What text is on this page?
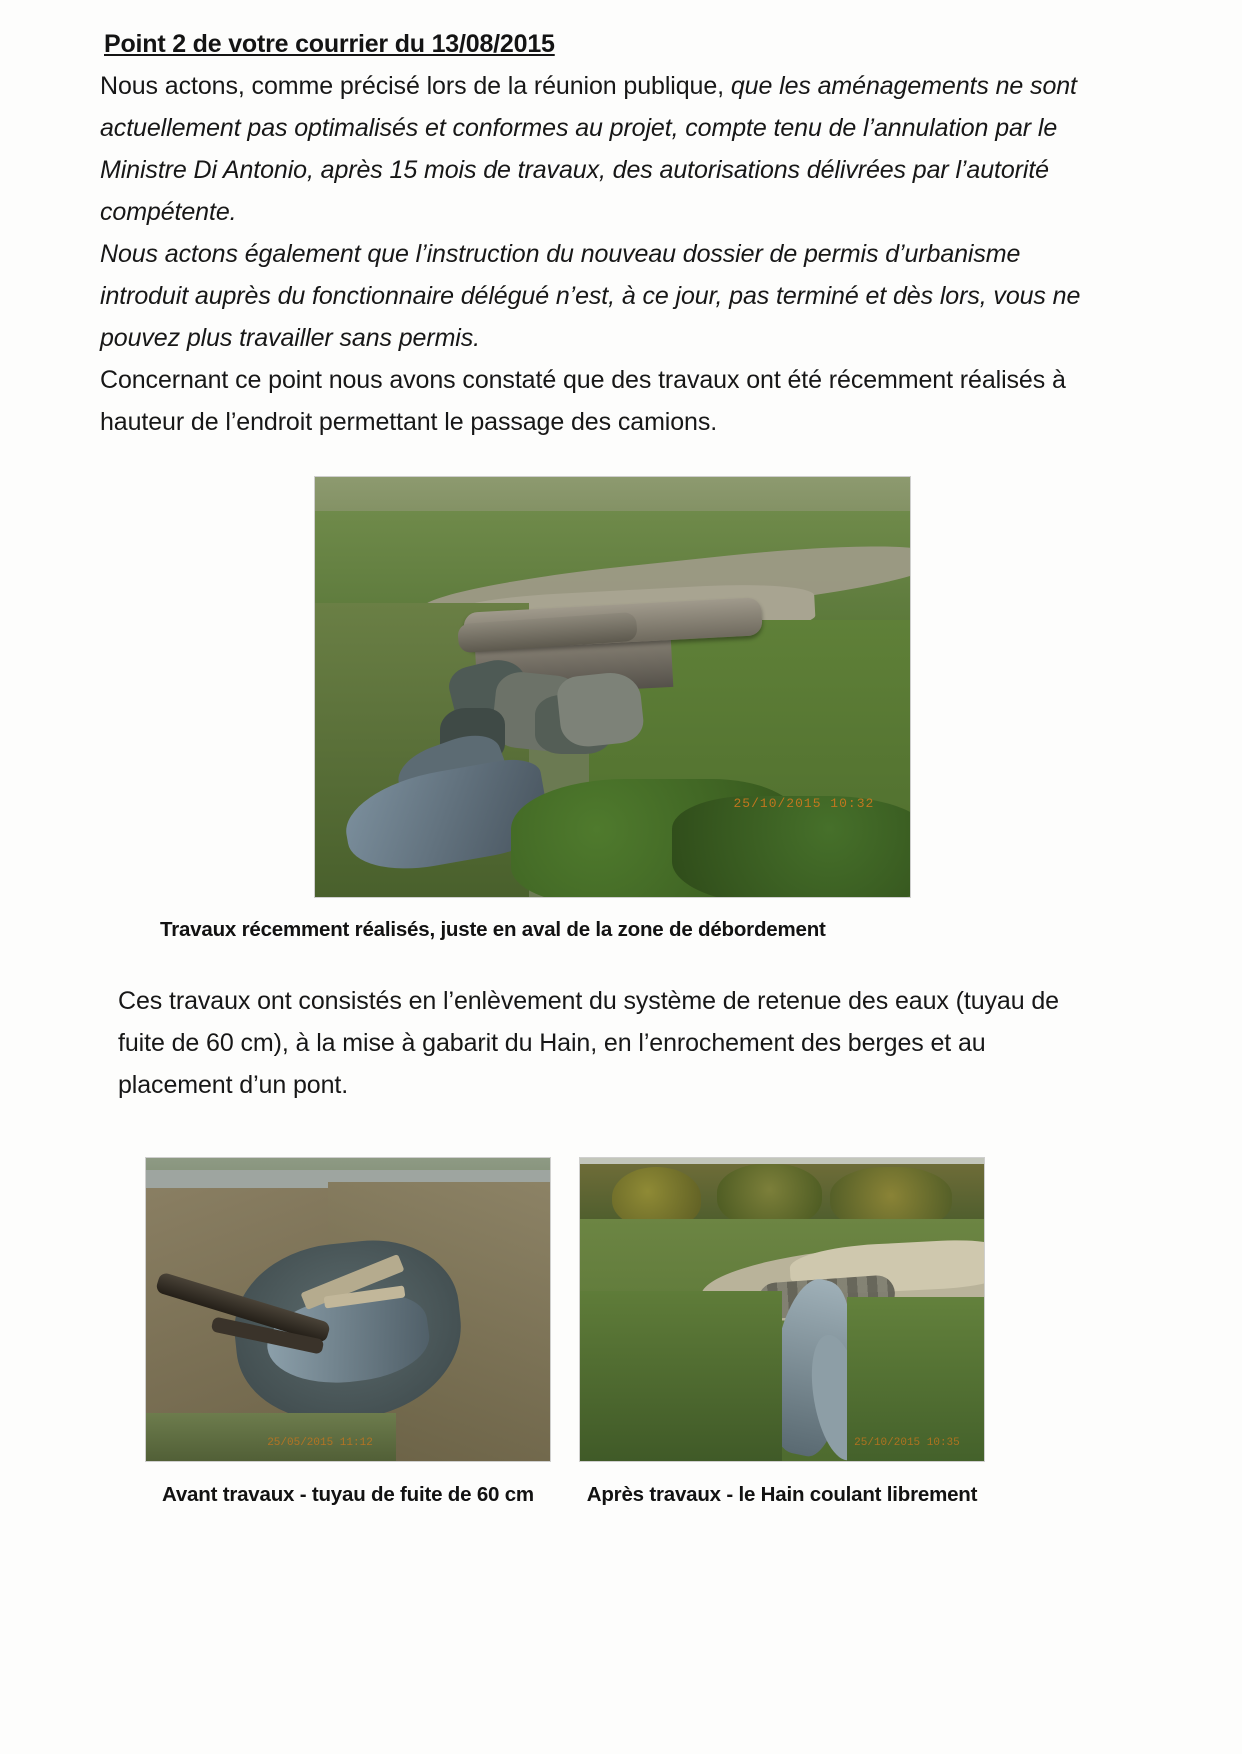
Point 2 de votre courrier du 13/08/2015

Nous actons, comme précisé lors de la réunion publique, que les aménagements ne sont actuellement pas optimalisés et conformes au projet, compte tenu de l’annulation par le Ministre Di Antonio, après 15 mois de travaux, des autorisations délivrées par l’autorité compétente.

Nous actons également que l’instruction du nouveau dossier de permis d’urbanisme introduit auprès du fonctionnaire délégué n’est, à ce jour, pas terminé et dès lors, vous ne pouvez plus travailler sans permis.

Concernant ce point nous avons constaté que des travaux ont été récemment réalisés à hauteur de l’endroit permettant le passage des camions.

25/10/2015 10:32
Travaux récemment réalisés, juste en aval de la zone de débordement

Ces travaux ont consistés en l’enlèvement du système de retenue des eaux (tuyau de fuite de 60 cm), à la mise à gabarit du Hain, en l’enrochement des berges et au placement d’un pont.

25/05/2015 11:12	25/10/2015 10:35
Avant travaux - tuyau de fuite de 60 cm	Après travaux - le Hain coulant librement
